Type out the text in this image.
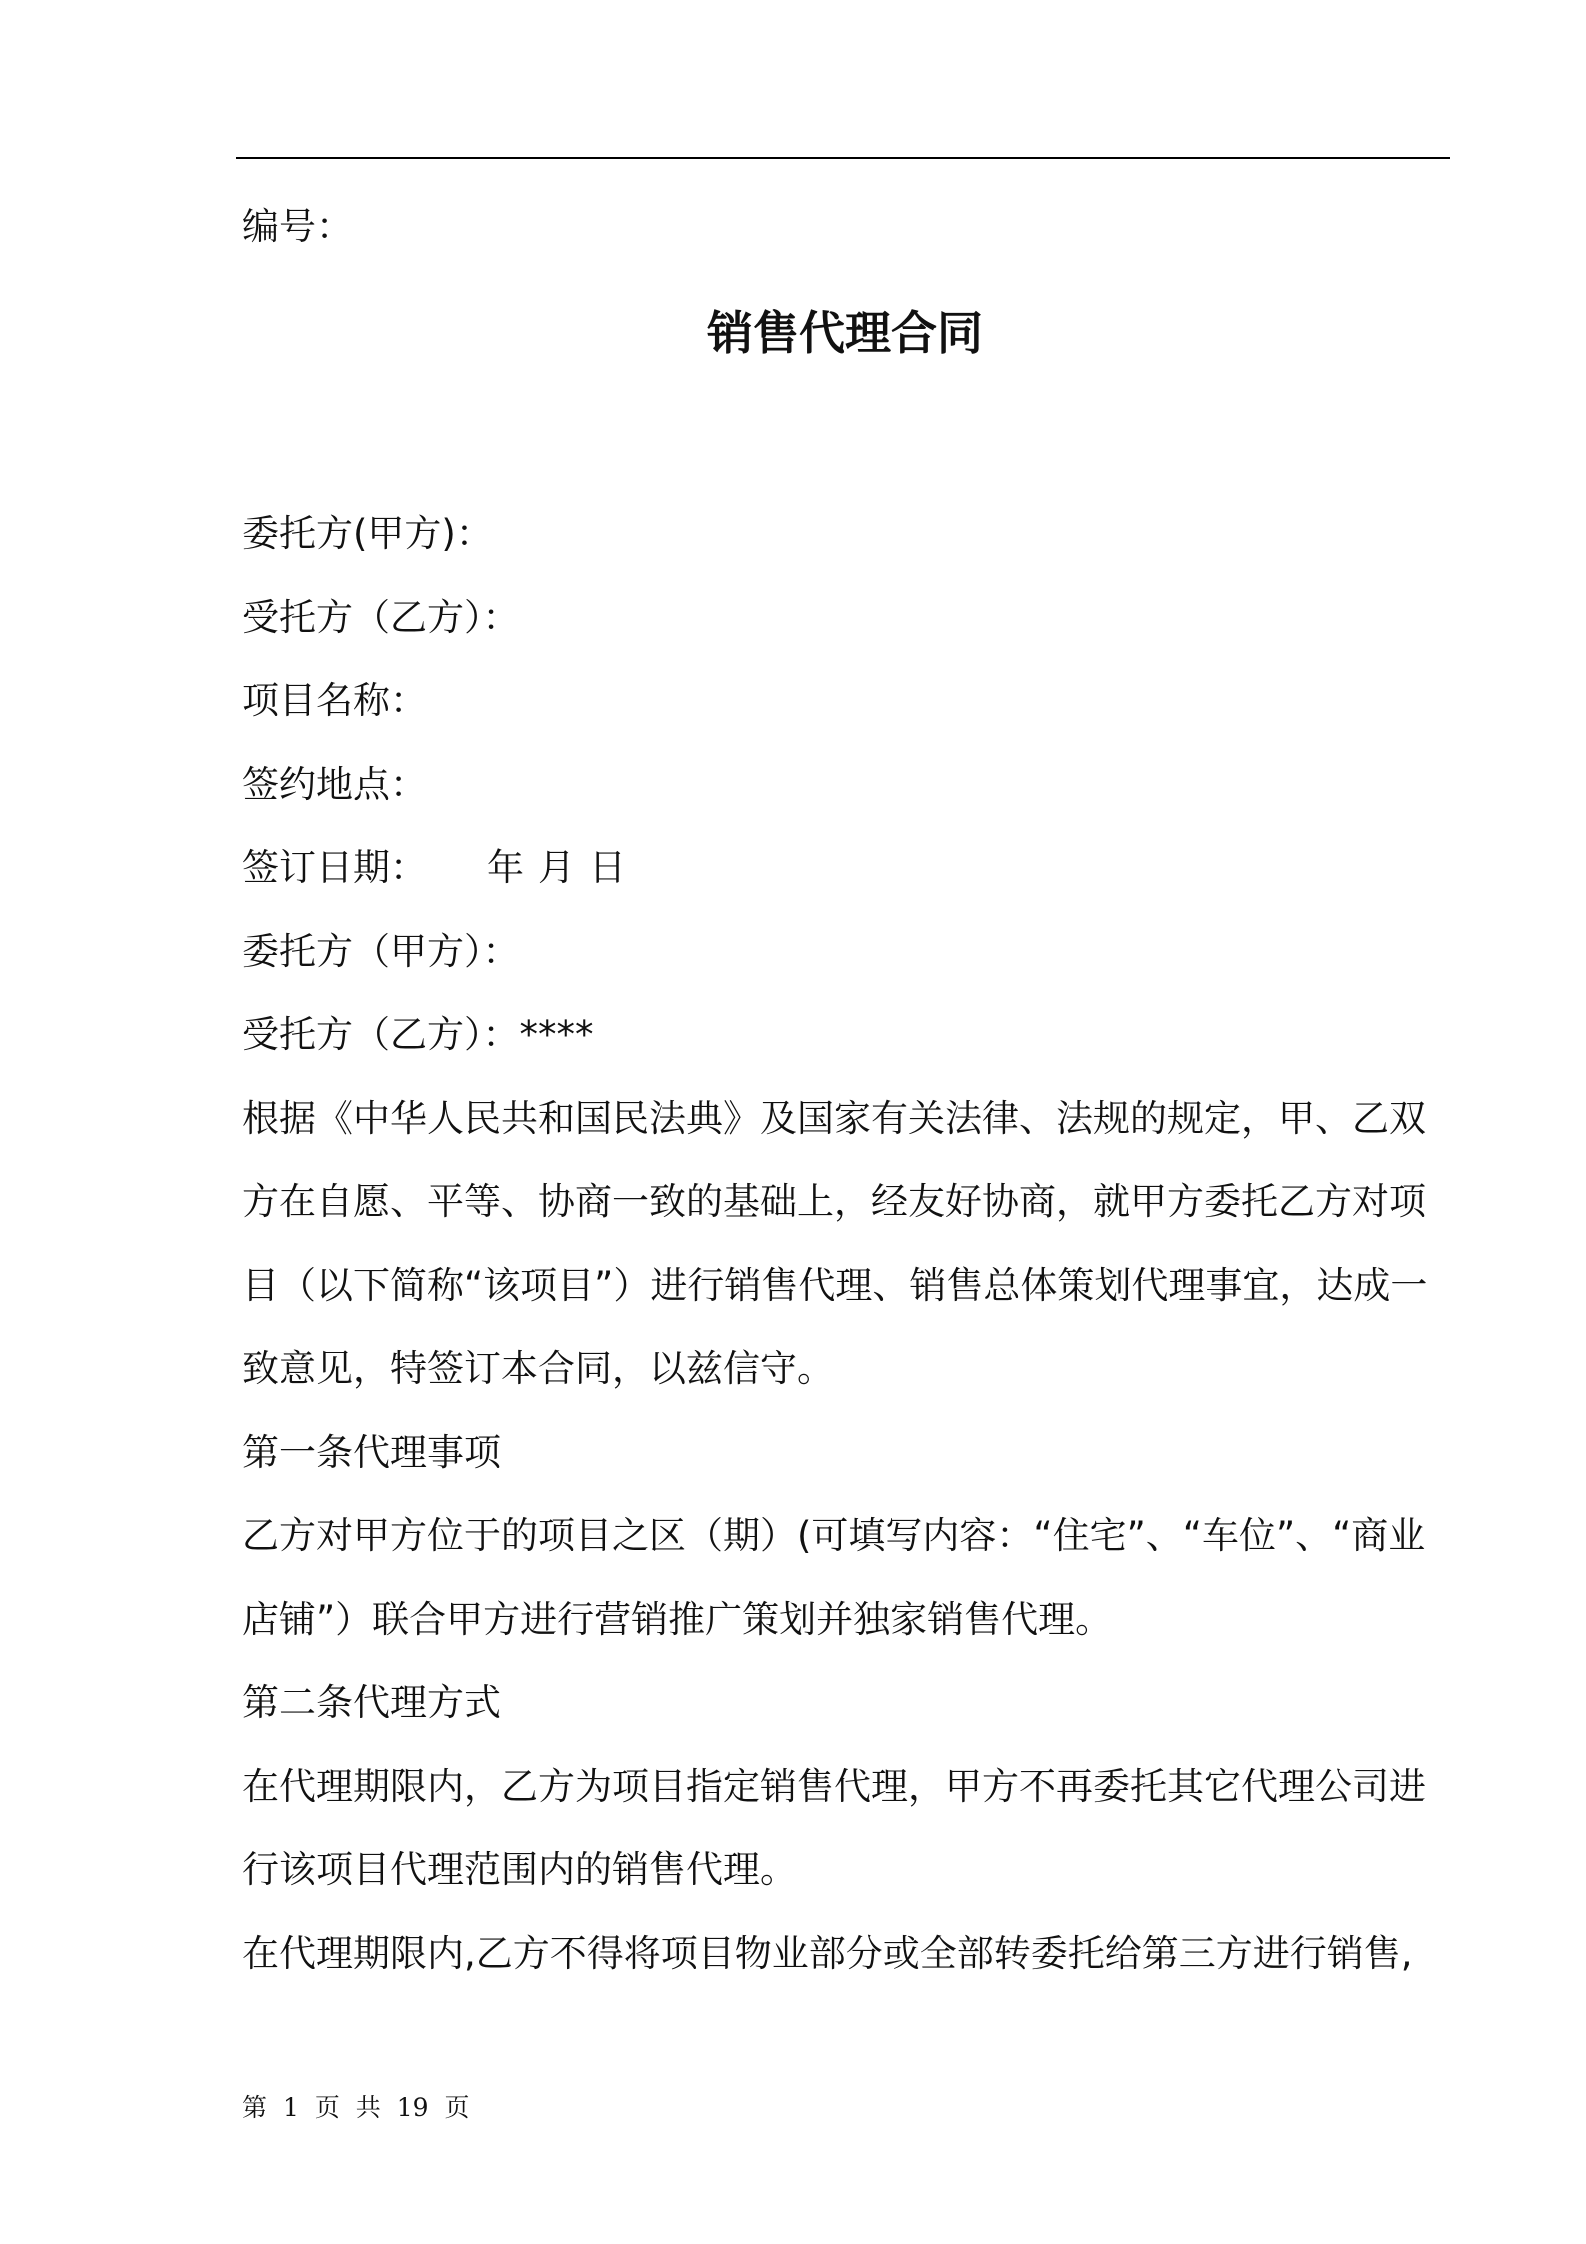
编号：
销售代理合同
委托方(甲方)：
受托方（乙方）：
项目名称：
签约地点：
签订日期： 年 月 日
委托方（甲方）：
受托方（乙方）：****
根据《中华人民共和国民法典》及国家有关法律、法规的规定，甲、乙双
方在自愿、平等、协商一致的基础上，经友好协商，就甲方委托乙方对项
目（以下简称“该项目”）进行销售代理、销售总体策划代理事宜，达成一
致意见，特签订本合同，以兹信守。
第一条代理事项
乙方对甲方位于的项目之区（期）(可填写内容：“住宅”、“车位”、“商业
店铺”）联合甲方进行营销推广策划并独家销售代理。
第二条代理方式
在代理期限内，乙方为项目指定销售代理，甲方不再委托其它代理公司进
行该项目代理范围内的销售代理。
在代理期限内,乙方不得将项目物业部分或全部转委托给第三方进行销售,
第 1 页 共 19 页
